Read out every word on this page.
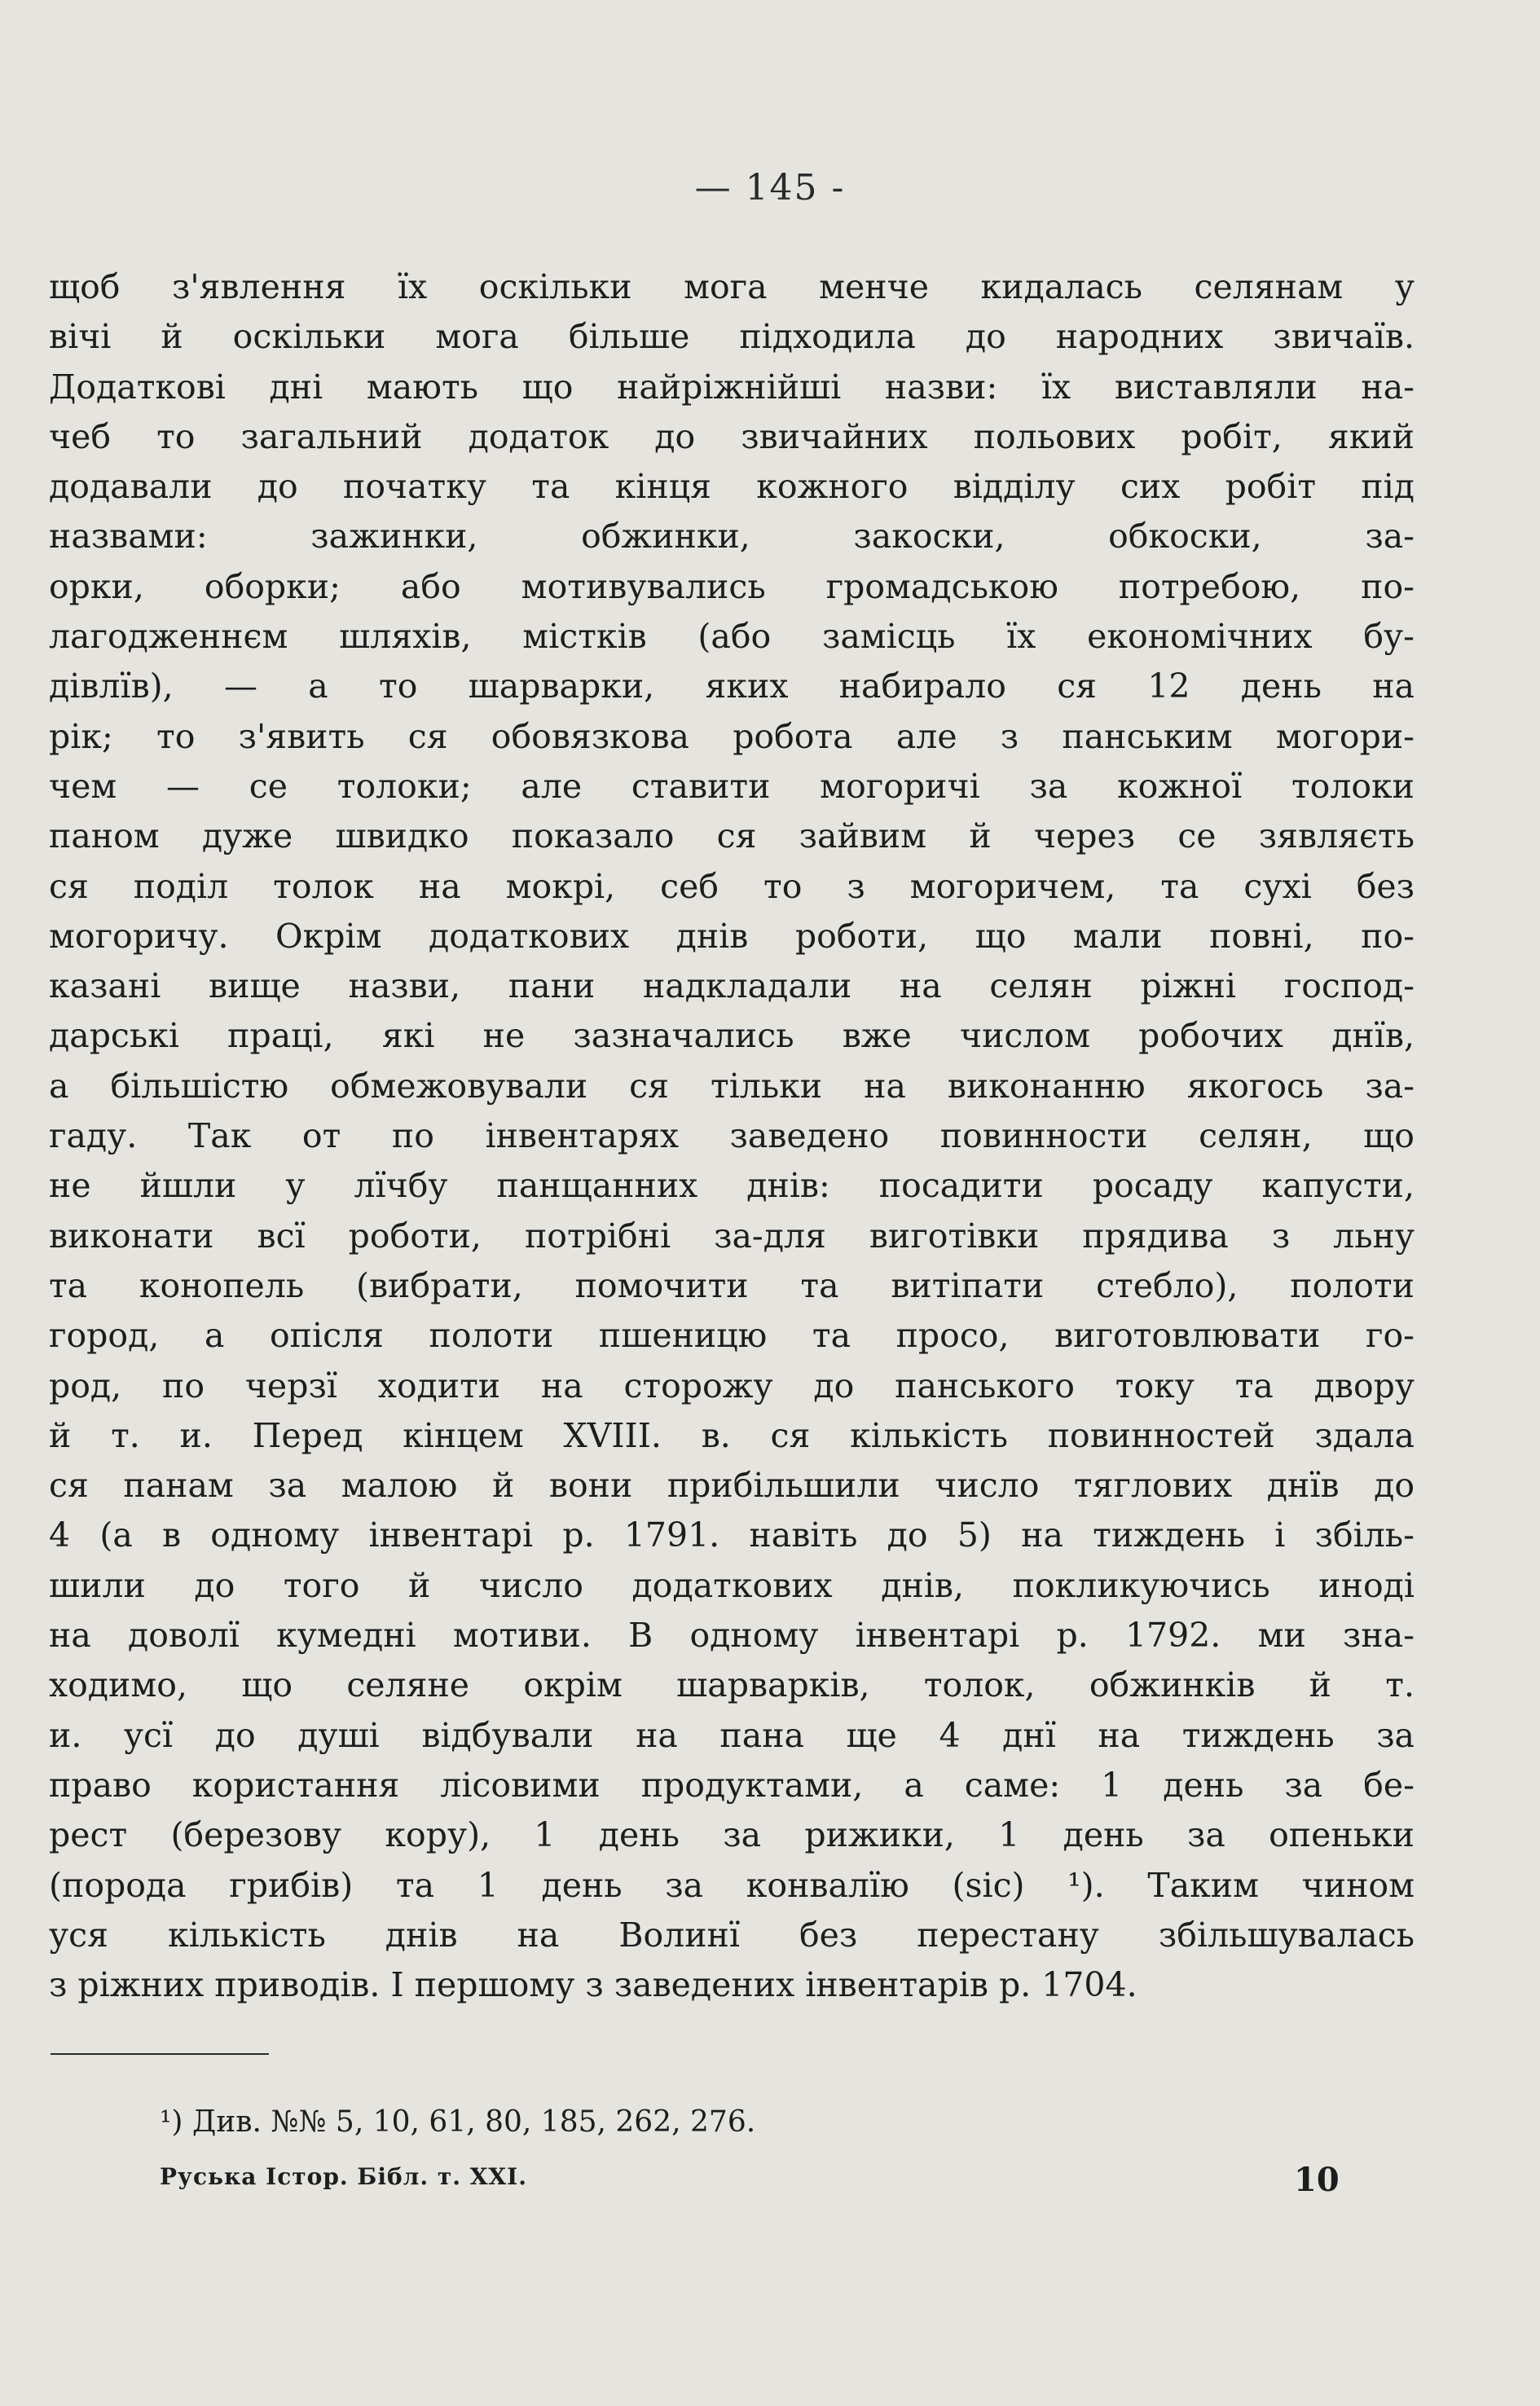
— 145 -
щоб з'явлення їх оскільки мога менче кидалась селянам у
вічі й оскільки мога більше підходила до народних звичаїв.
Додаткові дні мають що найріжнійші назви: їх виставляли на-
чеб то загальний додаток до звичайних польових робіт, який
додавали до початку та кінця кожного відділу сих робіт під
назвами: зажинки, обжинки, закоски, обкоски, за-
орки, оборки; або мотивувались громадською потребою, по-
лагодженнєм шляхів, містків (або замісць їх економічних бу-
дівлїв), — а то шарварки, яких набирало ся 12 день на
рік; то з'явить ся обовязкова робота але з панським могори-
чем — се толоки; але ставити могоричі за кожної толоки
паном дуже швидко показало ся зайвим й через се зявляєть
ся поділ толок на мокрі, себ то з могоричем, та сухі без
могоричу. Окрім додаткових днів роботи, що мали повні, по-
казані вище назви, пани надкладали на селян ріжні господ-
дарські праці, які не зазначались вже числом робочих днїв,
а більшістю обмежовували ся тільки на виконанню якогось за-
гаду. Так от по інвентарях заведено повинности селян, що
не йшли у лїчбу панщанних днів: посадити росаду капусти,
виконати всї роботи, потрібні за-для виготівки прядива з льну
та конопель (вибрати, помочити та витіпати стебло), полоти
город, а опісля полоти пшеницю та просо, виготовлювати го-
род, по черзї ходити на сторожу до панського току та двору
й т. и. Перед кінцем XVIII. в. ся кількість повинностей здала
ся панам за малою й вони прибільшили число тяглових днїв до
4 (а в одному інвентарі р. 1791. навіть до 5) на тиждень і збіль-
шили до того й число додаткових днів, покликуючись иноді
на доволї кумедні мотиви. В одному інвентарі р. 1792. ми зна-
ходимо, що селяне окрім шарварків, толок, обжинків й т.
и. усї до душі відбували на пана ще 4 днї на тиждень за
право користання лісовими продуктами, а саме: 1 день за бе-
рест (березову кору), 1 день за рижики, 1 день за опеньки
(порода грибів) та 1 день за конвалїю (sic) ¹). Таким чином
уся кількість днів на Волинї без перестану збільшувалась
з ріжних приводів. І першому з заведених інвентарів р. 1704.
¹) Див. №№ 5, 10, 61, 80, 185, 262, 276.
Руська Істор. Бібл. т. XXI.	10
